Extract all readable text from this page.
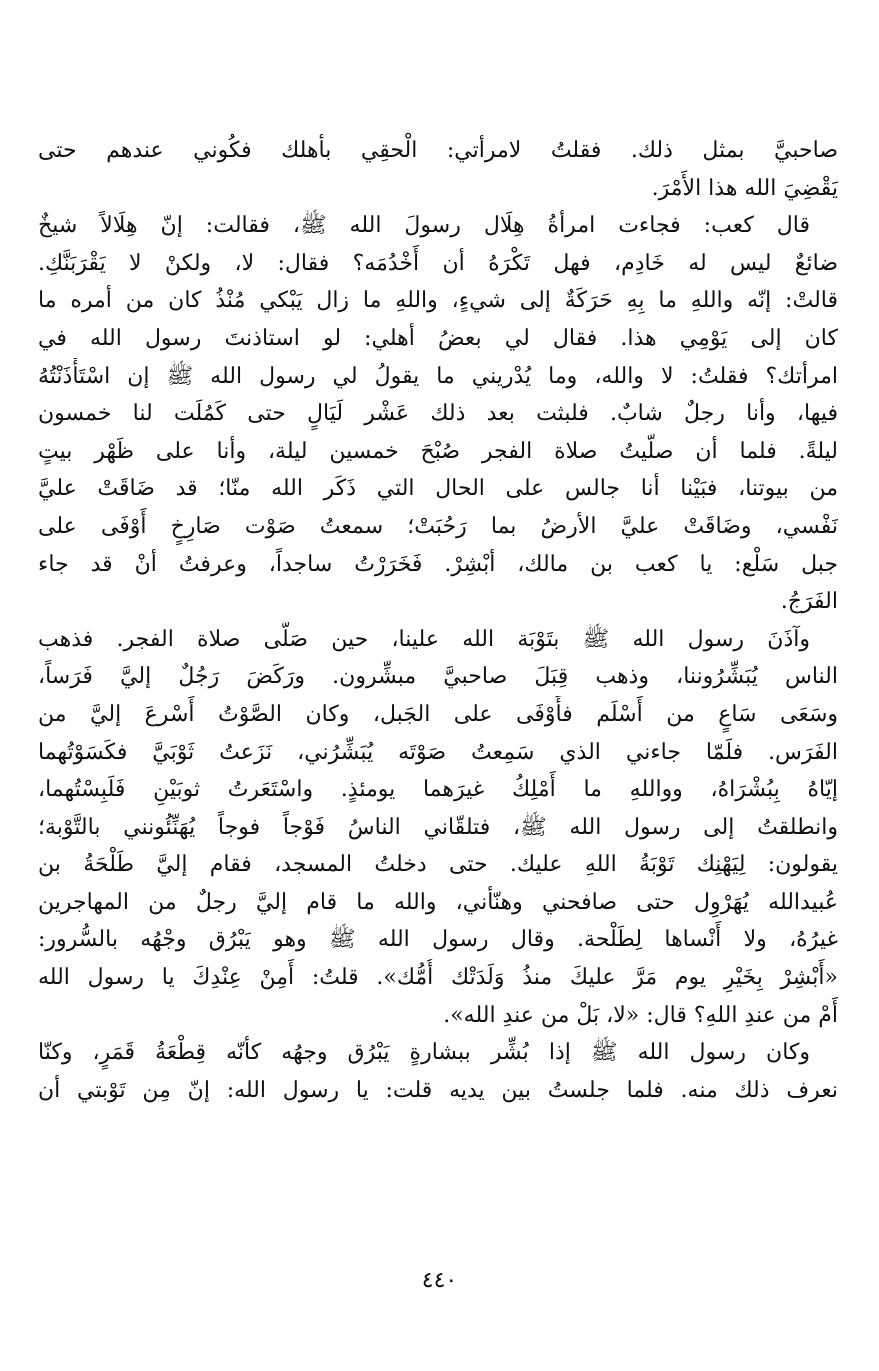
صاحبيَّ بمثل ذلك. فقلتُ لامرأتي: الْحقِي بأهلك فكُوني عندهم حتى
يَقْضِيَ الله هذا الأَمْرَ.
قال كعب: فجاءت امرأةُ هِلَال رسولَ الله ﷺ، فقالت: إنّ هِلَالاً شيخٌ
ضائعٌ ليس له خَادِم، فهل تَكْرَهُ أن أَخْدُمَه؟ فقال: لا، ولكنْ لا يَقْرَبَنَّكِ.
قالتْ: إنّه واللهِ ما بِهِ حَرَكَةٌ إلى شيءٍ، واللهِ ما زال يَبْكي مُنْذُ كان من أمره ما
كان إلى يَوْمِي هذا. فقال لي بعضُ أهلي: لو استاذنتَ رسول الله في
امرأتك؟ فقلتُ: لا والله، وما يُدْريني ما يقولُ لي رسول الله ﷺ إن اسْتَأْذَنْتُهُ
فيها، وأنا رجلٌ شابٌ. فلبثت بعد ذلك عَشْر لَيَالٍ حتى كَمُلَت لنا خمسون
ليلةً. فلما أن صلّيتُ صلاة الفجر صُبْحَ خمسين ليلة، وأنا على ظَهْر بيتٍ
من بيوتنا، فبَيْنا أنا جالس على الحال التي ذَكَر الله منّا؛ قد ضَاقَتْ عليَّ
نَفْسي، وضَاقَتْ عليَّ الأرضُ بما رَحُبَتْ؛ سمعتُ صَوْت صَارِخٍ أَوْفَى على
جبل سَلْع: يا كعب بن مالك، أبْشِرْ. فَخَرَرْتُ ساجداً، وعرفتُ أنْ قد جاء
الفَرَجُ.
وآذَنَ رسول الله ﷺ بتَوْبَة الله علينا، حين صَلَّى صلاة الفجر. فذهب
الناس يُبَشِّرُوننا، وذهب قِبَلَ صاحبيَّ مبشِّرون. ورَكَضَ رَجُلٌ إليَّ فَرَساً،
وسَعَى سَاعٍ من أَسْلَم فأَوْفَى على الجَبل، وكان الصَّوْتُ أَسْرعَ إليَّ من
الفَرَس. فلَمّا جاءني الذي سَمِعتُ صَوْتَه يُبَشِّرُني، نَزَعتُ ثَوْبَيَّ فكَسَوْتُهما
إيّاهُ بِبُشْرَاهُ، وواللهِ ما أَمْلِكُ غيرَهما يومئذٍ. واسْتَعَرتُ ثوبَيْنِ فَلَبِسْتُهما،
وانطلقتُ إلى رسول الله ﷺ، فتلقّاني الناسُ فَوْجاً فوجاً يُهَنِّئُونني بالتَّوْبة؛
يقولون: لِيَهْنِك تَوْبَةُ اللهِ عليك. حتى دخلتُ المسجد، فقام إليَّ طَلْحَةُ بن
عُبيدالله يُهَرْوِل حتى صافحني وهنّأني، والله ما قام إليَّ رجلٌ من المهاجرين
غيرُهُ، ولا أَنْساها لِطَلْحة. وقال رسول الله ﷺ وهو يَبْرُق وجْهُه بالسُّرور:
«أَبْشِرْ بِخَيْرِ يوم مَرَّ عليكَ منذُ وَلَدَتْك أُمُّك». قلتُ: أَمِنْ عِنْدِكَ يا رسول الله
أَمْ من عندِ اللهِ؟ قال: «لا، بَلْ من عندِ الله».
وكان رسول الله ﷺ إذا بُشِّر ببشارةٍ يَبْرُق وجهُه كأنّه قِطْعَةُ قَمَرٍ، وكنّا
نعرف ذلك منه. فلما جلستُ بين يديه قلت: يا رسول الله: إنّ مِن تَوْبتي أن
٤٤٠
